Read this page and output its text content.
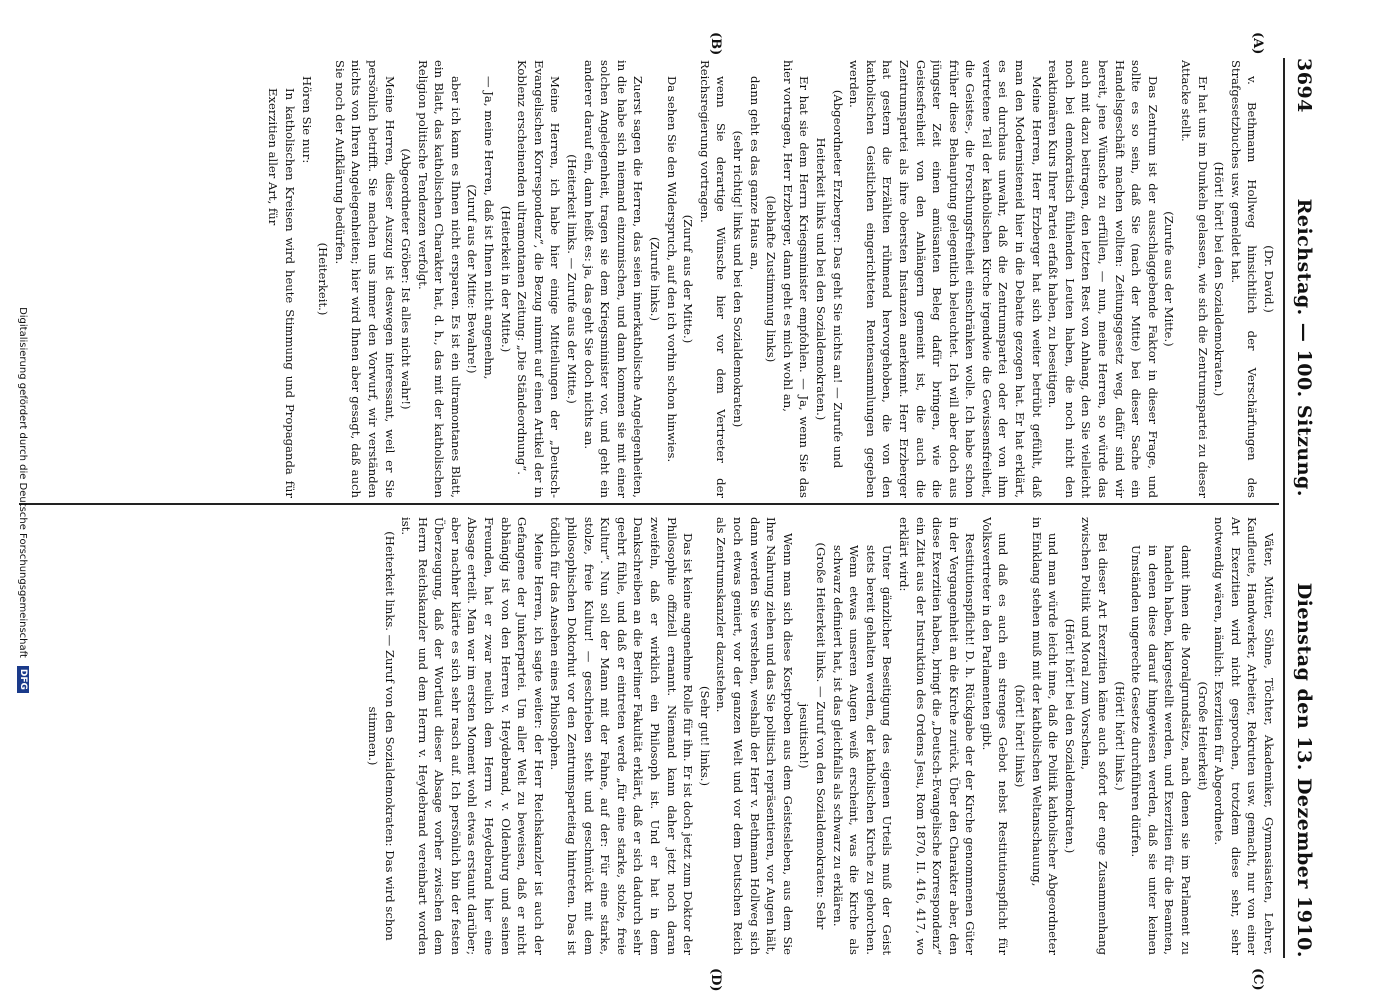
3694
Reichstag. — 100. Sitzung.
Dienstag den 13. Dezember 1910.
(A)
(B)
(C)
(D)

(Dr. David.)

v. Bethmann Hollweg hinsichtlich der Verschärfungen des Strafgesetzbuches usw. gemeldet hat.

(Hört! hört! bei den Sozialdemokraten.)

Er hat uns im Dunkeln gelassen, wie sich die Zentrumspartei zu dieser Attacke stellt.

(Zurufe aus der Mitte.)

Das Zentrum ist der ausschlaggebende Faktor in dieser Frage, und sollte es so sein, daß Sie (nach der Mitte) bei dieser Sache ein Handelsgeschäft machen wollten: Zeitungsgesetz weg, dafür sind wir bereit, jene Wünsche zu erfüllen, — nun, meine Herren, so würde das auch mit dazu beitragen, den letzten Rest von Anhang, den Sie vielleicht noch bei demokratisch fühlenden Leuten haben, die noch nicht den reaktionären Kurs Ihrer Partei erfaßt haben, zu beseitigen.

Meine Herren, Herr Erzberger hat sich weiter betrübt gefühlt, daß man den Modernisteneid hier in die Debatte gezogen hat. Er hat erklärt, es sei durchaus unwahr, daß die Zentrumspartei oder der von ihm vertretene Teil der katholischen Kirche irgendwie die Gewissensfreiheit, die Geistes-, die Forschungsfreiheit einschränken wolle. Ich habe schon früher diese Behauptung gelegentlich beleuchtet. Ich will aber doch aus jüngster Zeit einen amüsanten Beleg dafür bringen, wie die Geistesfreiheit von den Anhängern gemeint ist, die auch die Zentrumspartei als ihre obersten Instanzen anerkennt. Herr Erzberger hat gestern die Erzählten rühmend hervorgehoben, die von den katholischen Geistlichen eingerichteten Rentensammlungen gegeben werden.

(Abgeordneter Erzberger: Das geht Sie nichts an! — Zurufe und Heiterkeit links und bei den Sozialdemokraten.)

Er hat sie dem Herrn Kriegsminister empfohlen. — Ja, wenn Sie das hier vortragen, Herr Erzberger, dann geht es mich wohl an,

(lebhafte Zustimmung links)

dann geht es das ganze Haus an,

(sehr richtig! links und bei den Sozialdemokraten)

wenn Sie derartige Wünsche hier vor dem Vertreter der Reichsregierung vortragen.

(Zuruf aus der Mitte.)

Da sehen Sie den Widerspruch, auf den ich vorhin schon hinwies.

(Zurufe links.)

Zuerst sagen die Herren, das seien innerkatholische Angelegenheiten, in die habe sich niemand einzumischen, und dann kommen sie mit einer solchen Angelegenheit, tragen sie dem Kriegsminister vor, und geht ein anderer darauf ein, dann heißt es: ja, das geht Sie doch nichts an.

(Heiterkeit links. — Zurufe aus der Mitte.)

Meine Herren, ich habe hier einige Mitteilungen der „Deutsch-Evangelischen Korrespondenz“, die Bezug nimmt auf einen Artikel der in Koblenz erscheinenden ultramontanen Zeitung: „Die Ständeordnung“.

(Heiterkeit in der Mitte.)

— Ja, meine Herren, daß ist Ihnen nicht angenehm,

(Zuruf aus der Mitte: Bewahre!)

aber ich kann es Ihnen nicht ersparen. Es ist ein ultramontanes Blatt, ein Blatt, das katholischen Charakter hat, d. h., das mit der katholischen Religion politische Tendenzen verfolgt.

(Abgeordneter Gröber: Ist alles nicht wahr!)

Meine Herren, dieser Auszug ist deswegen interessant, weil er Sie persönlich betrifft. Sie machen uns immer den Vorwurf, wir verständen nichts von Ihren Angelegenheiten; hier wird Ihnen aber gesagt, daß auch Sie noch der Aufklärung bedürfen.

(Heiterkeit.)

Hören Sie nur:

In katholischen Kreisen wird heute Stimmung und Propaganda für Exerzitien aller Art, für

Väter, Mütter, Söhne, Töchter, Akademiker, Gymnasiasten, Lehrer, Kaufleute, Handwerker, Arbeiter, Rekruten usw. gemacht, nur von einer Art Exerzitien wird nicht gesprochen, trotzdem diese sehr, sehr notwendig wären, nämlich: Exerzitien für Abgeordnete.

(Große Heiterkeit)

damit ihnen die Moralgrundsätze, nach denen sie im Parlament zu handeln haben, klargestellt werden, und Exerzitien für die Beamten, in denen diese darauf hingewiesen werden, daß sie unter keinen Umständen ungerechte Gesetze durchführen dürfen.

(Hört! hört! links.)

Bei dieser Art Exerzitien käme auch sofort der enge Zusammenhang zwischen Politik und Moral zum Vorschein,

(Hört! hört! bei den Sozialdemokraten.)

und man würde leicht inne, daß die Politik katholischer Abgeordneter in Einklang stehen muß mit der katholischen Weltanschauung,

(hört! hört! links)

und daß es auch ein strenges Gebot nebst Restitutionspflicht für Volksvertreter in den Parlamenten gibt.

Restitutionspflicht! D. h. Rückgabe der der Kirche genommenen Güter in der Vergangenheit an die Kirche zurück. Über den Charakter aber, den diese Exerzitien haben, bringt die „Deutsch-Evangelische Korrespondenz“ ein Zitat aus der Instruktion des Ordens Jesu, Rom 1870, II. 416, 417, wo erklärt wird:

Unter gänzlicher Beseitigung des eigenen Urteils muß der Geist stets bereit gehalten werden, der katholischen Kirche zu gehorchen. Wenn etwas unseren Augen weiß erscheint, was die Kirche als schwarz definiert hat, ist das gleichfalls als schwarz zu erklären.

(Große Heiterkeit links. — Zuruf von den Sozialdemokraten: Sehr jesuitisch!)

Wenn man sich diese Kostproben aus dem Geistesleben, aus dem Sie Ihre Nahrung ziehen und das Sie politisch repräsentieren, vor Augen hält, dann werden Sie verstehen, weshalb der Herr v. Bethmann Hollweg sich noch etwas geniert, vor der ganzen Welt und vor dem Deutschen Reich als Zentrumskanzler dazustehen.

(Sehr gut! links.)

Das ist keine angenehme Rolle für ihn. Er ist doch jetzt zum Doktor der Philosophie offiziell ernannt. Niemand kann daher jetzt noch daran zweifeln, daß er wirklich ein Philosoph ist. Und er hat in dem Dankschreiben an die Berliner Fakultät erklärt, daß er sich dadurch sehr geehrt fühle, und daß er eintreten werde „für eine starke, stolze, freie Kultur“. Nun soll der Mann mit der Fahne, auf der: Für eine starke, stolze, freie Kultur! — geschrieben steht und geschmückt mit dem philosophischen Doktorhut vor den Zentrumsparteitag hintreten. Das ist tödlich für das Ansehen eines Philosophen.

Meine Herren, ich sagte weiter: der Herr Reichskanzler ist auch der Gefangene der Junkerpartei. Um aller Welt zu beweisen, daß er nicht abhängig ist von den Herren v. Heydebrand, v. Oldenburg und seinen Freunden, hat er zwar neulich dem Herrn v. Heydebrand hier eine Absage erteilt. Man war im ersten Moment wohl etwas erstaunt darüber; aber nachher klärte es sich sehr rasch auf. Ich persönlich bin der festen Überzeugung, daß der Wortlaut dieser Absage vorher zwischen dem Herrn Reichskanzler und dem Herrn v. Heydebrand vereinbart worden ist.

(Heiterkeit links. — Zuruf von den Sozialdemokraten: Das wird schon stimmen.)

Digitalisierung gefördert durch die Deutsche Forschungsgemeinschaft
DFG
